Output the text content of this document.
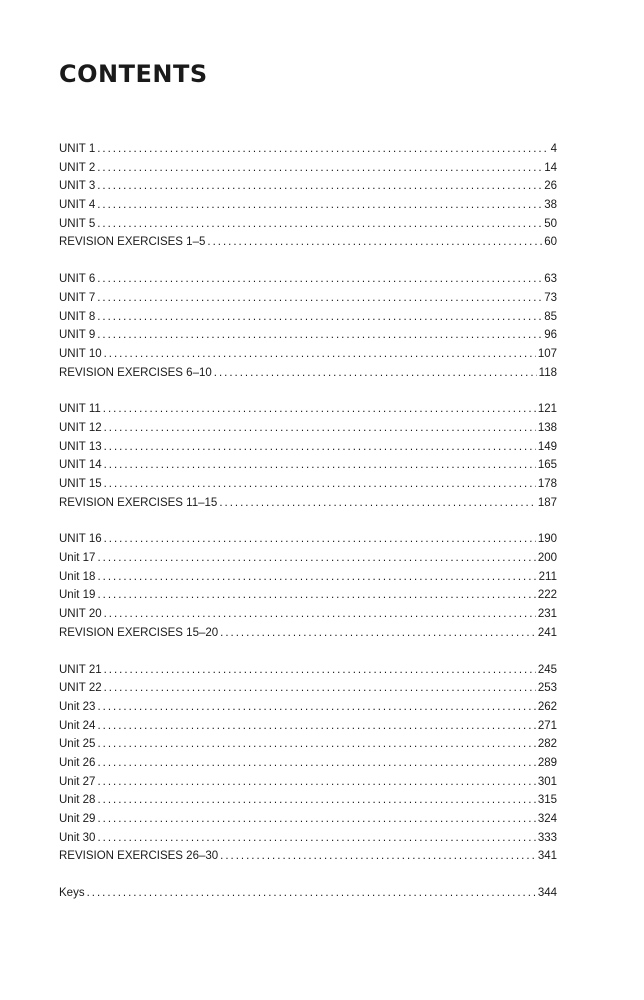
CONTENTS
UNIT 1 . . .	4
UNIT 2 . . .	14
UNIT 3 . . .	26
UNIT 4 . . .	38
UNIT 5 . . .	50
REVISION EXERCISES 1–5 . . .	60
UNIT 6 . . .	63
UNIT 7 . . .	73
UNIT 8 . . .	85
UNIT 9 . . .	96
UNIT 10 . . .	107
REVISION EXERCISES 6–10 . . .	118
UNIT 11 . . .	121
UNIT 12 . . .	138
UNIT 13 . . .	149
UNIT 14 . . .	165
UNIT 15 . . .	178
REVISION EXERCISES 11–15 . . .	187
UNIT 16 . . .	190
Unit 17 . . .	200
Unit 18 . . .	211
Unit 19 . . .	222
UNIT 20 . . .	231
REVISION EXERCISES 15–20 . . .	241
UNIT 21 . . .	245
UNIT 22 . . .	253
Unit 23 . . .	262
Unit 24 . . .	271
Unit 25 . . .	282
Unit 26 . . .	289
Unit 27 . . .	301
Unit 28 . . .	315
Unit 29 . . .	324
Unit 30 . . .	333
REVISION EXERCISES 26–30 . . .	341
Keys . . .	344
